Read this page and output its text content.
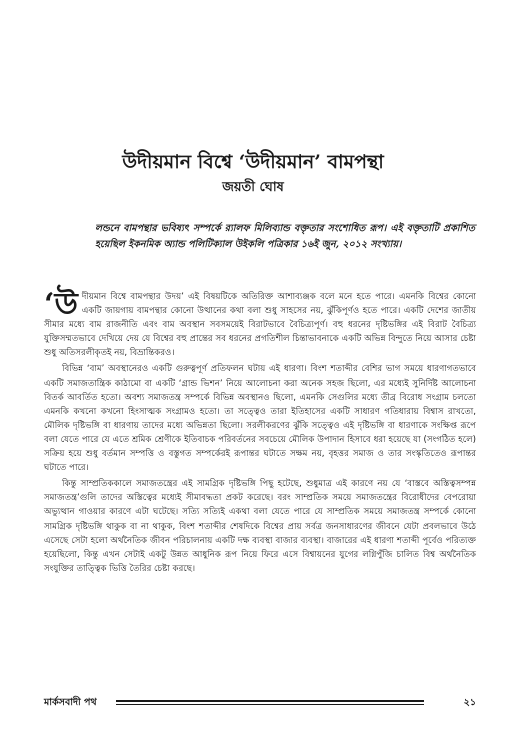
উদীয়মান বিশ্বে ‘উদীয়মান’ বামপন্থা
জয়তী ঘোষ

লন্ডনে বামপন্থার ভবিষ্যৎ সম্পর্কে র‍্যালফ মিলিব্যান্ড বক্তৃতার সংশোধিত রূপ। এই বক্তৃতাটি প্রকাশিত হয়েছিল ইকনমিক অ্যান্ড পলিটিক্যাল উইকলি পত্রিকার ১৬ই জুন, ২০১২ সংখ্যায়।

‘উদীয়মান বিশ্বে বামপন্থার উদয়’ এই বিষয়টিকে অতিরিক্ত আশাব্যঞ্জক বলে মনে হতে পারে। এমনকি বিশ্বের কোনো একটি জায়গায় বামপন্থার কোনো উত্থানের কথা বলা শুধু সাহসের নয়, ঝুঁকিপূর্ণও হতে পারে। একটি দেশের জাতীয় সীমার মধ্যে বাম রাজনীতি এবং বাম অবস্থান সবসময়েই বিরাটভাবে বৈচিত্র্যপূর্ণ। বহু ধরনের দৃষ্টিভঙ্গির এই বিরাট বৈচিত্র্য যুক্তিসম্মতভাবে দেখিয়ে দেয় যে বিশ্বের বহু প্রান্তের সব ধরনের প্রগতিশীল চিন্তাভাবনাকে একটি অভিন্ন বিন্দুতে নিয়ে আসার চেষ্টা শুধু অতিসরলীকৃতই নয়, বিভ্রান্তিকরও।

বিভিন্ন ‘বাম’ অবস্থানেরও একটি গুরুত্বপূর্ণ প্রতিফলন ঘটায় এই ধারণা। বিংশ শতাব্দীর বেশির ভাগ সময়ে ধারণাগতভাবে একটি সমাজতান্ত্রিক কাঠামো বা একটি ‘গ্রান্ড ভিশন’ নিয়ে আলোচনা করা অনেক সহজ ছিলো, এর মধ্যেই সুনির্দিষ্ট আলোচনা বিতর্ক আবর্তিত হতো। অবশ্য সমাজতন্ত্র সম্পর্কে বিভিন্ন অবস্থানও ছিলো, এমনকি সেগুলির মধ্যে তীব্র বিরোধ সংগ্রাম চলতো এমনকি কখনো কখনো হিংসাত্মক সংগ্রামও হতো। তা সত্ত্বেও তারা ইতিহাসের একটি সাধারণ গতিধারায় বিশ্বাস রাখতো, মৌলিক দৃষ্টিভঙ্গি বা ধারণায় তাদের মধ্যে অভিন্নতা ছিলো। সরলীকরণের ঝুঁকি সত্ত্বেও এই দৃষ্টিভঙ্গি বা ধারণাকে সংক্ষিপ্ত রূপে বলা যেতে পারে যে এতে শ্রমিক শ্রেণীকে ইতিবাচক পরিবর্তনের সবচেয়ে মৌলিক উপাদান হিসাবে ধরা হয়েছে যা (সংগঠিত হলে) সক্রিয় হয়ে শুধু বর্তমান সম্পত্তি ও বস্তুগত সম্পর্কেরই রূপান্তর ঘটাতে সক্ষম নয়, বৃহত্তর সমাজ ও তার সংস্কৃতিতেও রূপান্তর ঘটাতে পারে।

কিন্তু সাম্প্রতিককালে সমাজতন্ত্রের এই সামগ্রিক দৃষ্টিভঙ্গি পিছু হটেছে, শুধুমাত্র এই কারণে নয় যে ‘বাস্তবে অস্তিত্বসম্পন্ন সমাজতন্ত্র’গুলি তাদের অস্তিত্বের মধ্যেই সীমাবদ্ধতা প্রকট করেছে। বরং সাম্প্রতিক সময়ে সমাজতন্ত্রের বিরোধীদের বেপরোয়া অভ্যুত্থান গাওয়ার কারণে এটা ঘটেছে। সত্যি সত্যিই একথা বলা যেতে পারে যে সাম্প্রতিক সময়ে সমাজতন্ত্র সম্পর্কে কোনো সামগ্রিক দৃষ্টিভঙ্গি থাকুক বা না থাকুক, বিংশ শতাব্দীর শেষদিকে বিশ্বের প্রায় সর্বত্র জনসাধারণের জীবনে যেটা প্রবলভাবে উঠে এসেছে সেটা হলো অর্থনৈতিক জীবন পরিচালনায় একটি দক্ষ ব্যবস্থা বাজার ব্যবস্থা। বাজারের এই ধারণা শতাব্দী পূর্বেও পরিত্যক্ত হয়েছিলো, কিন্তু এখন সেটাই একটু উন্নত আধুনিক রূপ নিয়ে ফিরে এসে বিশ্বায়নের যুগের লগ্নিপুঁজি চালিত বিশ্ব অর্থনৈতিক সংযুক্তির তাত্ত্বিক ভিত্তি তৈরির চেষ্টা করছে।

মার্কসবাদী পথ	২১
